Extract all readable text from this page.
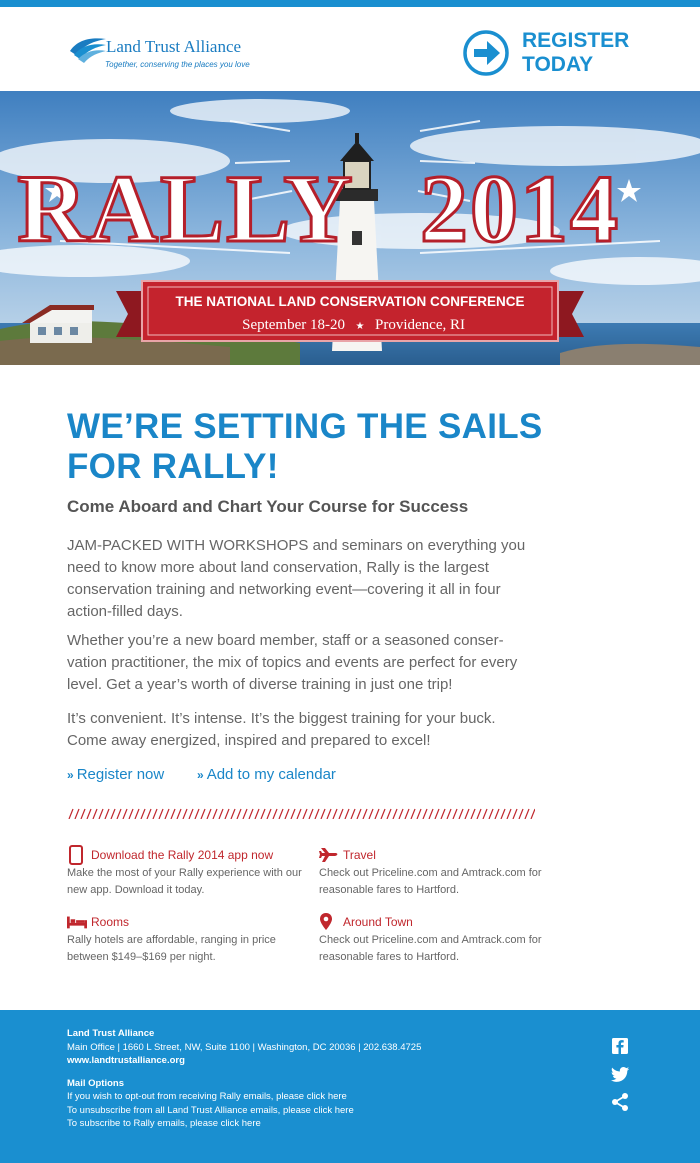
Land Trust Alliance
Together, conserving the places you love
REGISTER TODAY
RALLY 2014
THE NATIONAL LAND CONSERVATION CONFERENCE
September 18-20 ★ Providence, RI
WE’RE SETTING THE SAILS FOR RALLY!
Come Aboard and Chart Your Course for Success

JAM-PACKED WITH WORKSHOPS and seminars on everything you need to know more about land conservation, Rally is the largest conservation training and networking event—covering it all in four action-filled days.

Whether you’re a new board member, staff or a seasoned conser-vation practitioner, the mix of topics and events are perfect for every level. Get a year’s worth of diverse training in just one trip!

It’s convenient. It’s intense. It’s the biggest training for your buck. Come away energized, inspired and prepared to excel!

» Register now	» Add to my calendar
Download the Rally 2014 app now
Make the most of your Rally experience with our new app. Download it today.
Travel
Check out Priceline.com and Amtrack.com for reasonable fares to Hartford.
Rooms
Rally hotels are affordable, ranging in price between $149–$169 per night.
Around Town
Check out Priceline.com and Amtrack.com for reasonable fares to Hartford.
Land Trust Alliance
Main Office | 1660 L Street, NW, Suite 1100 | Washington, DC 20036 | 202.638.4725
www.landtrustalliance.org
Mail Options
If you wish to opt-out from receiving Rally emails, please click here
To unsubscribe from all Land Trust Alliance emails, please click here
To subscribe to Rally emails, please click here
